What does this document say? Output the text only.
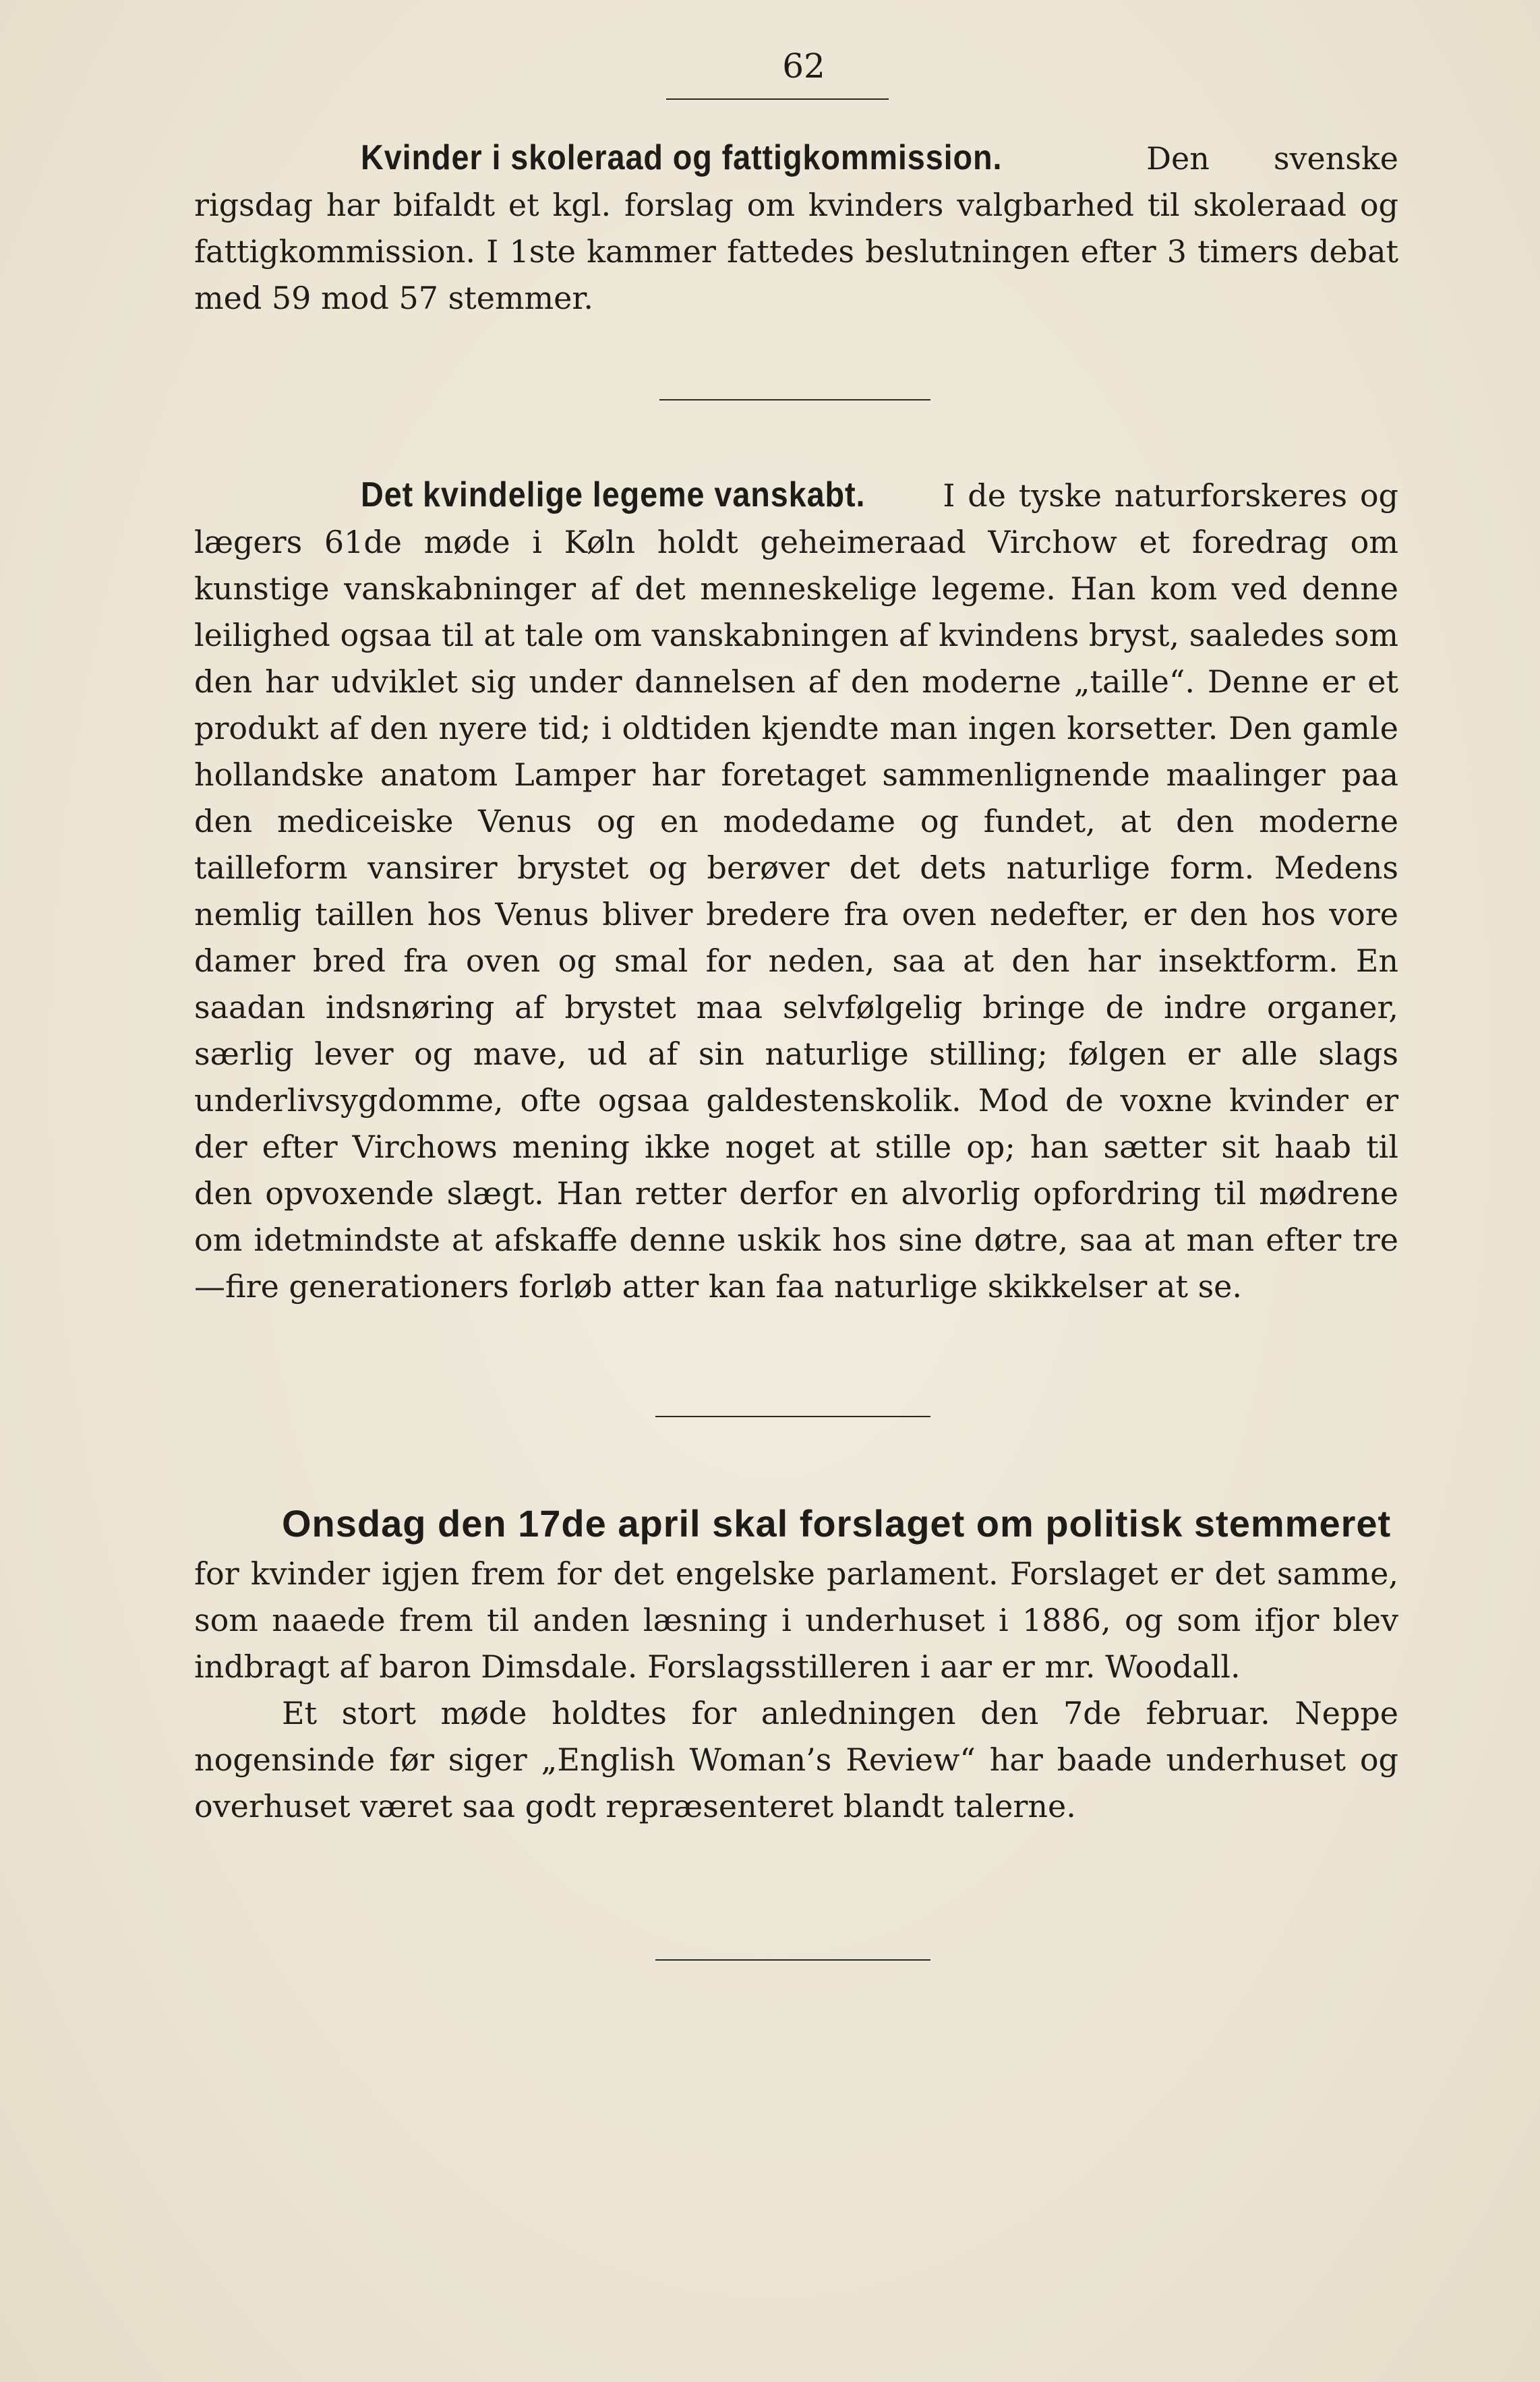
62

Kvinder i skoleraad og fattigkommission.	Den svenske rigsdag har bifaldt et kgl. forslag om kvinders valgbarhed til skoleraad og fattigkommission. I 1ste kammer fattedes beslutningen efter 3 timers debat med 59 mod 57 stemmer.

Det kvindelige legeme vanskabt. I de tyske naturforskeres og lægers 61de møde i Køln holdt geheimeraad Virchow et foredrag om kunstige vanskabninger af det menneskelige legeme. Han kom ved denne leilighed ogsaa til at tale om vanskabningen af kvindens bryst, saaledes som den har udviklet sig under dannelsen af den moderne „taille“. Denne er et produkt af den nyere tid; i oldtiden kjendte man ingen korsetter. Den gamle hollandske anatom Lamper har foretaget sammenlignende maalinger paa den mediceiske Venus og en modedame og fundet, at den moderne tailleform vansirer brystet og berøver det dets naturlige form. Medens nemlig taillen hos Venus bliver bredere fra oven nedefter, er den hos vore damer bred fra oven og smal for neden, saa at den har insektform. En saadan indsnøring af brystet maa selvfølgelig bringe de indre organer, særlig lever og mave, ud af sin naturlige stilling; følgen er alle slags underlivsygdomme, ofte ogsaa galdestenskolik. Mod de voxne kvinder er der efter Virchows mening ikke noget at stille op; han sætter sit haab til den opvoxende slægt. Han retter derfor en alvorlig opfordring til mødrene om idetmindste at afskaffe denne uskik hos sine døtre, saa at man efter tre—fire generationers forløb atter kan faa naturlige skikkelser at se.

Onsdag den 17de april skal forslaget om politisk stemmeret

for kvinder igjen frem for det engelske parlament. Forslaget er det samme, som naaede frem til anden læsning i underhuset i 1886, og som ifjor blev indbragt af baron Dimsdale. Forslagsstilleren i aar er mr. Woodall.

Et stort møde holdtes for anledningen den 7de februar. Neppe nogensinde før siger „English Woman’s Review“ har baade underhuset og overhuset været saa godt repræsenteret blandt talerne.
